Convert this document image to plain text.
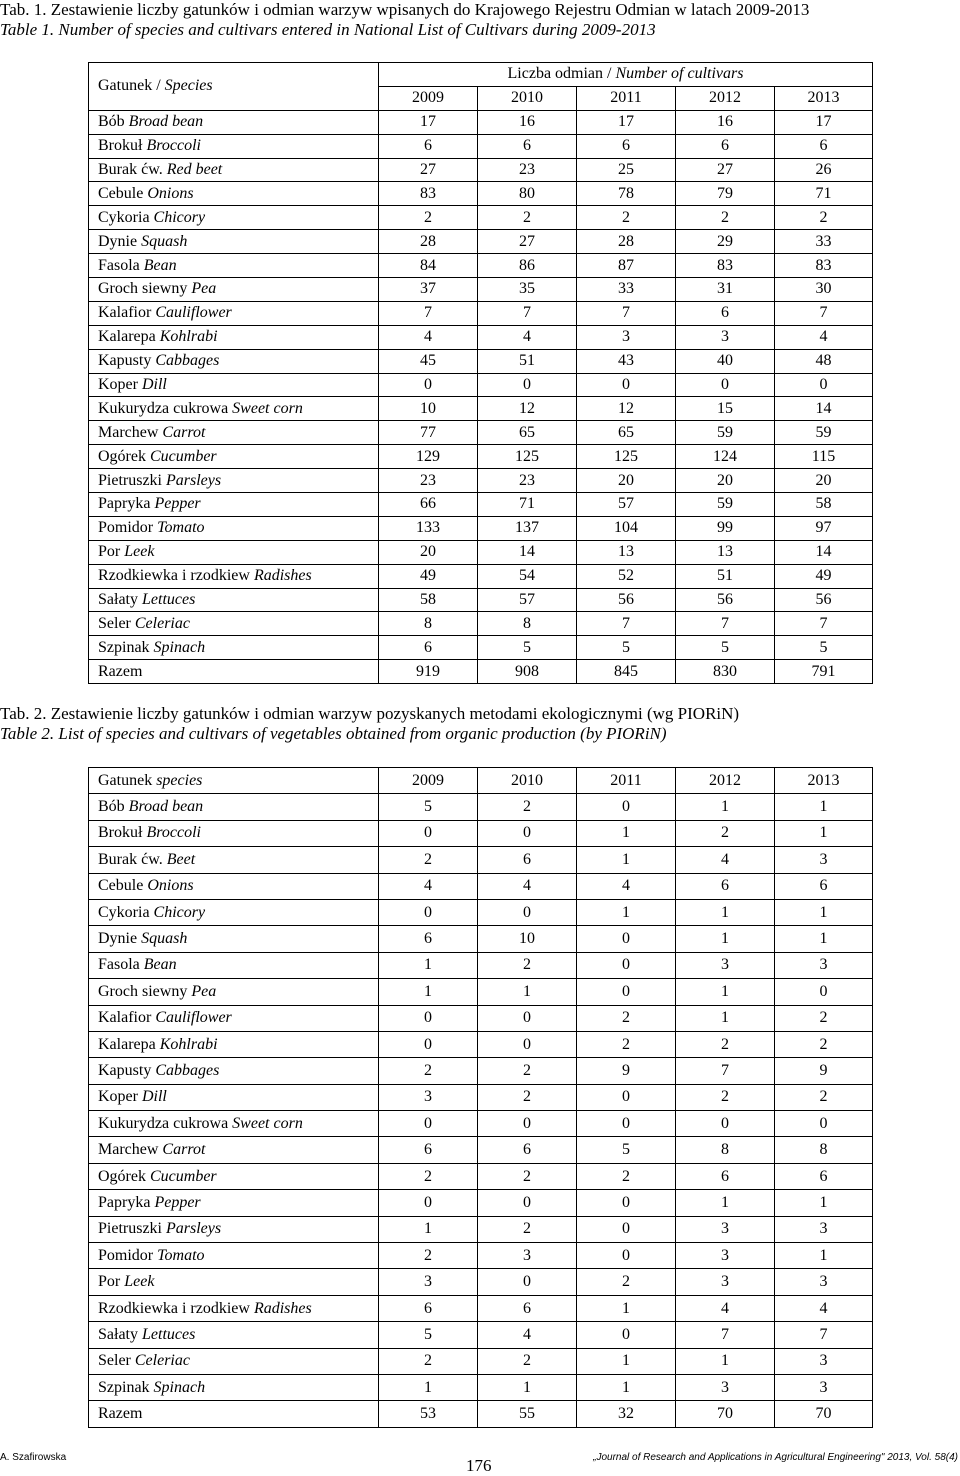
Tab. 1. Zestawienie liczby gatunków i odmian warzyw wpisanych do Krajowego Rejestru Odmian w latach 2009-2013
Table 1. Number of species and cultivars entered in National List of Cultivars during 2009-2013
Gatunek / Species	Liczba odmian / Number of cultivars				
	2009	2010	2011	2012	2013
Bób Broad bean	17	16	17	16	17
Brokuł Broccoli	6	6	6	6	6
Burak ćw. Red beet	27	23	25	27	26
Cebule Onions	83	80	78	79	71
Cykoria Chicory	2	2	2	2	2
Dynie Squash	28	27	28	29	33
Fasola Bean	84	86	87	83	83
Groch siewny Pea	37	35	33	31	30
Kalafior Cauliflower	7	7	7	6	7
Kalarepa Kohlrabi	4	4	3	3	4
Kapusty Cabbages	45	51	43	40	48
Koper Dill	0	0	0	0	0
Kukurydza cukrowa Sweet corn	10	12	12	15	14
Marchew Carrot	77	65	65	59	59
Ogórek Cucumber	129	125	125	124	115
Pietruszki Parsleys	23	23	20	20	20
Papryka Pepper	66	71	57	59	58
Pomidor Tomato	133	137	104	99	97
Por Leek	20	14	13	13	14
Rzodkiewka i rzodkiew Radishes	49	54	52	51	49
Sałaty Lettuces	58	57	56	56	56
Seler Celeriac	8	8	7	7	7
Szpinak Spinach	6	5	5	5	5
Razem	919	908	845	830	791
Tab. 2. Zestawienie liczby gatunków i odmian warzyw pozyskanych metodami ekologicznymi (wg PIORiN)
Table 2. List of species and cultivars of vegetables obtained from organic production (by PIORiN)
Gatunek species	2009	2010	2011	2012	2013
Bób Broad bean	5	2	0	1	1
Brokuł Broccoli	0	0	1	2	1
Burak ćw. Beet	2	6	1	4	3
Cebule Onions	4	4	4	6	6
Cykoria Chicory	0	0	1	1	1
Dynie Squash	6	10	0	1	1
Fasola Bean	1	2	0	3	3
Groch siewny Pea	1	1	0	1	0
Kalafior Cauliflower	0	0	2	1	2
Kalarepa Kohlrabi	0	0	2	2	2
Kapusty Cabbages	2	2	9	7	9
Koper Dill	3	2	0	2	2
Kukurydza cukrowa Sweet corn	0	0	0	0	0
Marchew Carrot	6	6	5	8	8
Ogórek Cucumber	2	2	2	6	6
Papryka Pepper	0	0	0	1	1
Pietruszki Parsleys	1	2	0	3	3
Pomidor Tomato	2	3	0	3	1
Por Leek	3	0	2	3	3
Rzodkiewka i rzodkiew Radishes	6	6	1	4	4
Sałaty Lettuces	5	4	0	7	7
Seler Celeriac	2	2	1	1	3
Szpinak Spinach	1	1	1	3	3
Razem	53	55	32	70	70
A. Szafirowska	176	„Journal of Research and Applications in Agricultural Engineering" 2013, Vol. 58(4)
